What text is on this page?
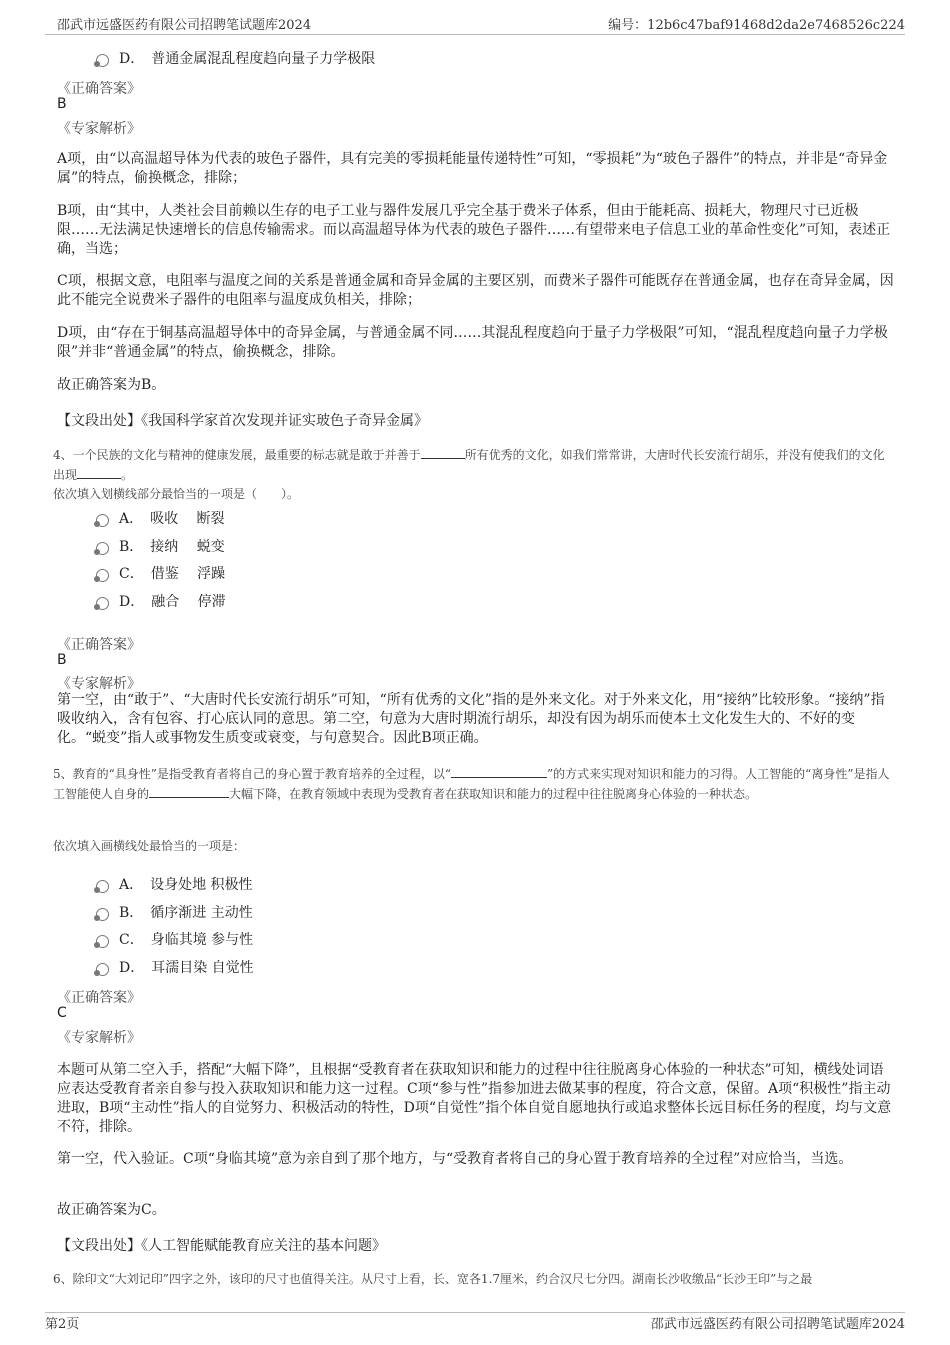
邵武市远盛医药有限公司招聘笔试题库2024	编号：12b6c47baf91468d2da2e7468526c224
D．　普通金属混乱程度趋向量子力学极限
《正确答案》
B
《专家解析》

A项，由“以高温超导体为代表的玻色子器件，具有完美的零损耗能量传递特性”可知，“零损耗”为“玻色子器件”的特点，并非是“奇异金属”的特点，偷换概念，排除；

B项，由“其中，人类社会目前赖以生存的电子工业与器件发展几乎完全基于费米子体系，但由于能耗高、损耗大，物理尺寸已近极限……无法满足快速增长的信息传输需求。而以高温超导体为代表的玻色子器件……有望带来电子信息工业的革命性变化”可知，表述正确，当选；

C项，根据文意，电阻率与温度之间的关系是普通金属和奇异金属的主要区别，而费米子器件可能既存在普通金属，也存在奇异金属，因此不能完全说费米子器件的电阻率与温度成负相关，排除；

D项，由“存在于铜基高温超导体中的奇异金属，与普通金属不同……其混乱程度趋向于量子力学极限”可知，“混乱程度趋向量子力学极限”并非“普通金属”的特点，偷换概念，排除。

故正确答案为B。

【文段出处】《我国科学家首次发现并证实玻色子奇异金属》

4、一个民族的文化与精神的健康发展，最重要的标志就是敢于并善于	所有优秀的文化，如我们常常讲，大唐时代长安流行胡乐，并没有使我们的文化出现	。

依次填入划横线部分最恰当的一项是（　　）。
A．　吸收　 断裂
B．　接纳　 蜕变
C．　借鉴　 浮躁
D．　融合　 停滞
《正确答案》
B
《专家解析》

第一空，由“敢于”、“大唐时代长安流行胡乐”可知，“所有优秀的文化”指的是外来文化。对于外来文化，用“接纳”比较形象。“接纳”指吸收纳入，含有包容、打心底认同的意思。第二空，句意为大唐时期流行胡乐，却没有因为胡乐而使本土文化发生大的、不好的变化。“蜕变”指人或事物发生质变或衰变，与句意契合。因此B项正确。

5、教育的“具身性”是指受教育者将自己的身心置于教育培养的全过程，以“	”的方式来实现对知识和能力的习得。人工智能的“离身性”是指人工智能使人自身的	大幅下降，在教育领域中表现为受教育者在获取知识和能力的过程中往往脱离身心体验的一种状态。

依次填入画横线处最恰当的一项是：
A．　设身处地 积极性
B．　循序渐进 主动性
C．　身临其境 参与性
D．　耳濡目染 自觉性
《正确答案》
C
《专家解析》

本题可从第二空入手，搭配“大幅下降”，且根据“受教育者在获取知识和能力的过程中往往脱离身心体验的一种状态”可知，横线处词语应表达受教育者亲自参与投入获取知识和能力这一过程。C项“参与性”指参加进去做某事的程度，符合文意，保留。A项“积极性”指主动进取，B项“主动性”指人的自觉努力、积极活动的特性，D项“自觉性”指个体自觉自愿地执行或追求整体长远目标任务的程度，均与文意不符，排除。

第一空，代入验证。C项“身临其境”意为亲自到了那个地方，与“受教育者将自己的身心置于教育培养的全过程”对应恰当，当选。

故正确答案为C。

【文段出处】《人工智能赋能教育应关注的基本问题》

6、除印文“大刘记印”四字之外，该印的尺寸也值得关注。从尺寸上看，长、宽各1.7厘米，约合汉尺七分四。湖南长沙收缴品“长沙王印”与之最

第2页	邵武市远盛医药有限公司招聘笔试题库2024
